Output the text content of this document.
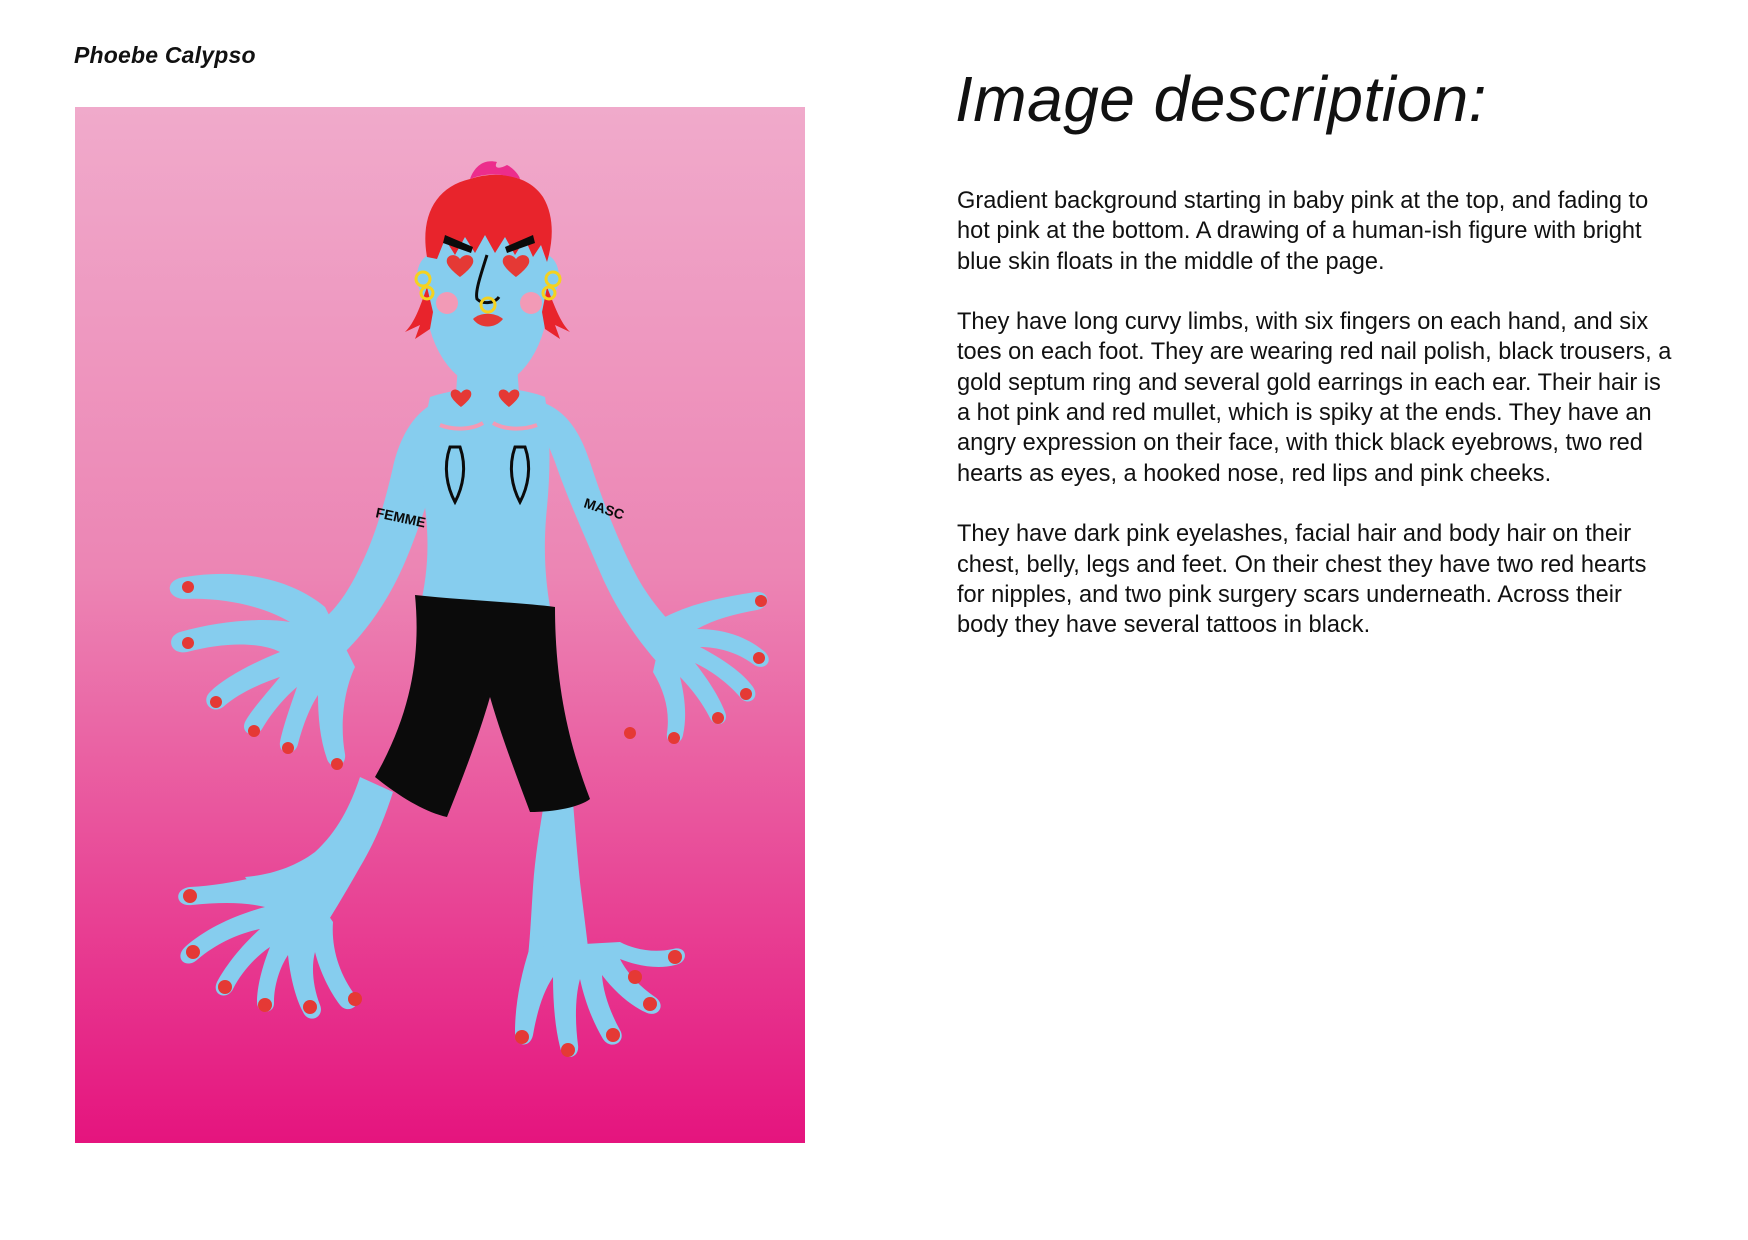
Phoebe Calypso
FEMME	MASC
Image description:

Gradient background starting in baby pink at the top, and fading to hot pink at the bottom. A drawing of a human-ish figure with bright blue skin floats in the middle of the page.

They have long curvy limbs, with six fingers on each hand, and six toes on each foot. They are wearing red nail polish, black trousers, a gold septum ring and several gold earrings in each ear. Their hair is a hot pink and red mullet, which is spiky at the ends. They have an angry expression on their face, with thick black eyebrows, two red hearts as eyes, a hooked nose, red lips and pink cheeks.

They have dark pink eyelashes, facial hair and body hair on their chest, belly, legs and feet. On their chest they have two red hearts for nipples, and two pink surgery scars underneath. Across their body they have several tattoos in black.
